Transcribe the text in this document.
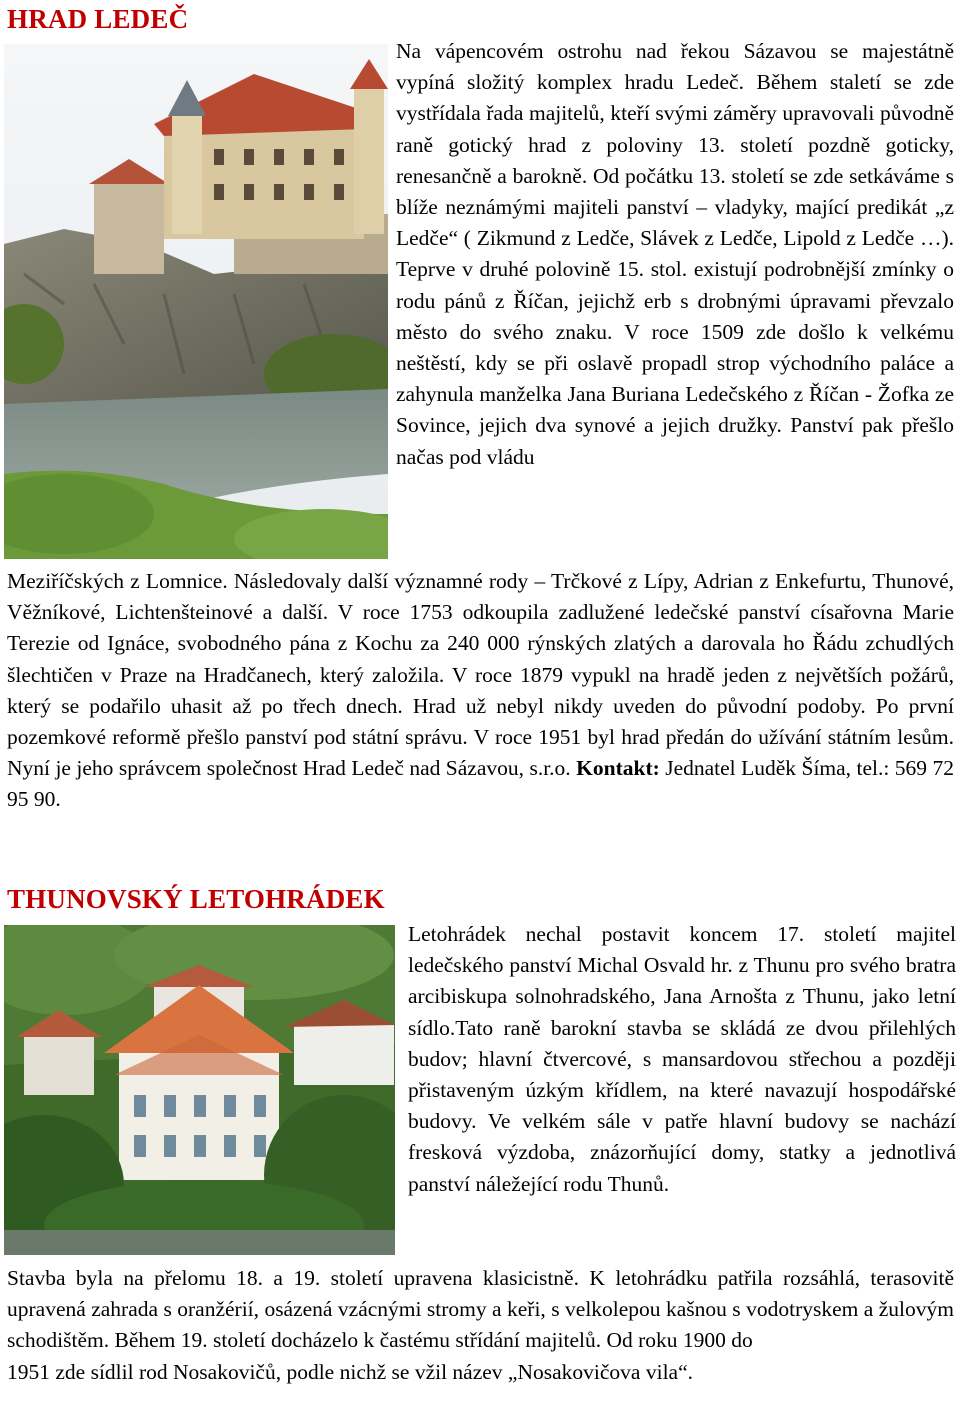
HRAD LEDEČ

Na vápencovém ostrohu nad řekou Sázavou se majestátně vypíná složitý komplex hradu Ledeč. Během staletí se zde vystřídala řada majitelů, kteří svými záměry upravovali původně raně gotický hrad z poloviny 13. století pozdně goticky, renesančně a barokně. Od počátku 13. století se zde setkáváme s blíže neznámými majiteli panství – vladyky, mající predikát „z Ledče“ ( Zikmund z Ledče, Slávek z Ledče, Lipold z Ledče …). Teprve v druhé polovině 15. stol. existují podrobnější zmínky o rodu pánů z Říčan, jejichž erb s drobnými úpravami převzalo město do svého znaku. V roce 1509 zde došlo k velkému neštěstí, kdy se při oslavě propadl strop východního paláce a zahynula manželka Jana Buriana Ledečského z Říčan - Žofka ze Sovince, jejich dva synové a jejich družky. Panství pak přešlo načas pod vládu

Meziříčských z Lomnice. Následovaly další významné rody – Trčkové z Lípy, Adrian z Enkefurtu, Thunové, Věžníkové, Lichtenšteinové a další. V roce 1753 odkoupila zadlužené ledečské panství císařovna Marie Terezie od Ignáce, svobodného pána z Kochu za 240 000 rýnských zlatých a darovala ho Řádu zchudlých šlechtičen v Praze na Hradčanech, který založila. V roce 1879 vypukl na hradě jeden z největších požárů, který se podařilo uhasit až po třech dnech. Hrad už nebyl nikdy uveden do původní podoby. Po první pozemkové reformě přešlo panství pod státní správu. V roce 1951 byl hrad předán do užívání státním lesům. Nyní je jeho správcem společnost Hrad Ledeč nad Sázavou, s.r.o. Kontakt: Jednatel Luděk Šíma, tel.: 569 72 95 90.

THUNOVSKÝ LETOHRÁDEK

Letohrádek nechal postavit koncem 17. století majitel ledečského panství Michal Osvald hr. z Thunu pro svého bratra arcibiskupa solnohradského, Jana Arnošta z Thunu, jako letní sídlo.Tato raně barokní stavba se skládá ze dvou přilehlých budov; hlavní čtvercové, s mansardovou střechou a později přistaveným úzkým křídlem, na které navazují hospodářské budovy. Ve velkém sále v patře hlavní budovy se nachází fresková výzdoba, znázorňující domy, statky a jednotlivá panství náležející rodu Thunů.

Stavba byla na přelomu 18. a 19. století upravena klasicistně. K letohrádku patřila rozsáhlá, terasovitě upravená zahrada s oranžérií, osázená vzácnými stromy a keři, s velkolepou kašnou s vodotryskem a žulovým schodištěm. Během 19. století docházelo k častému střídání majitelů. Od roku 1900 do

1951 zde sídlil rod Nosakovičů, podle nichž se vžil název „Nosakovičova vila“.
